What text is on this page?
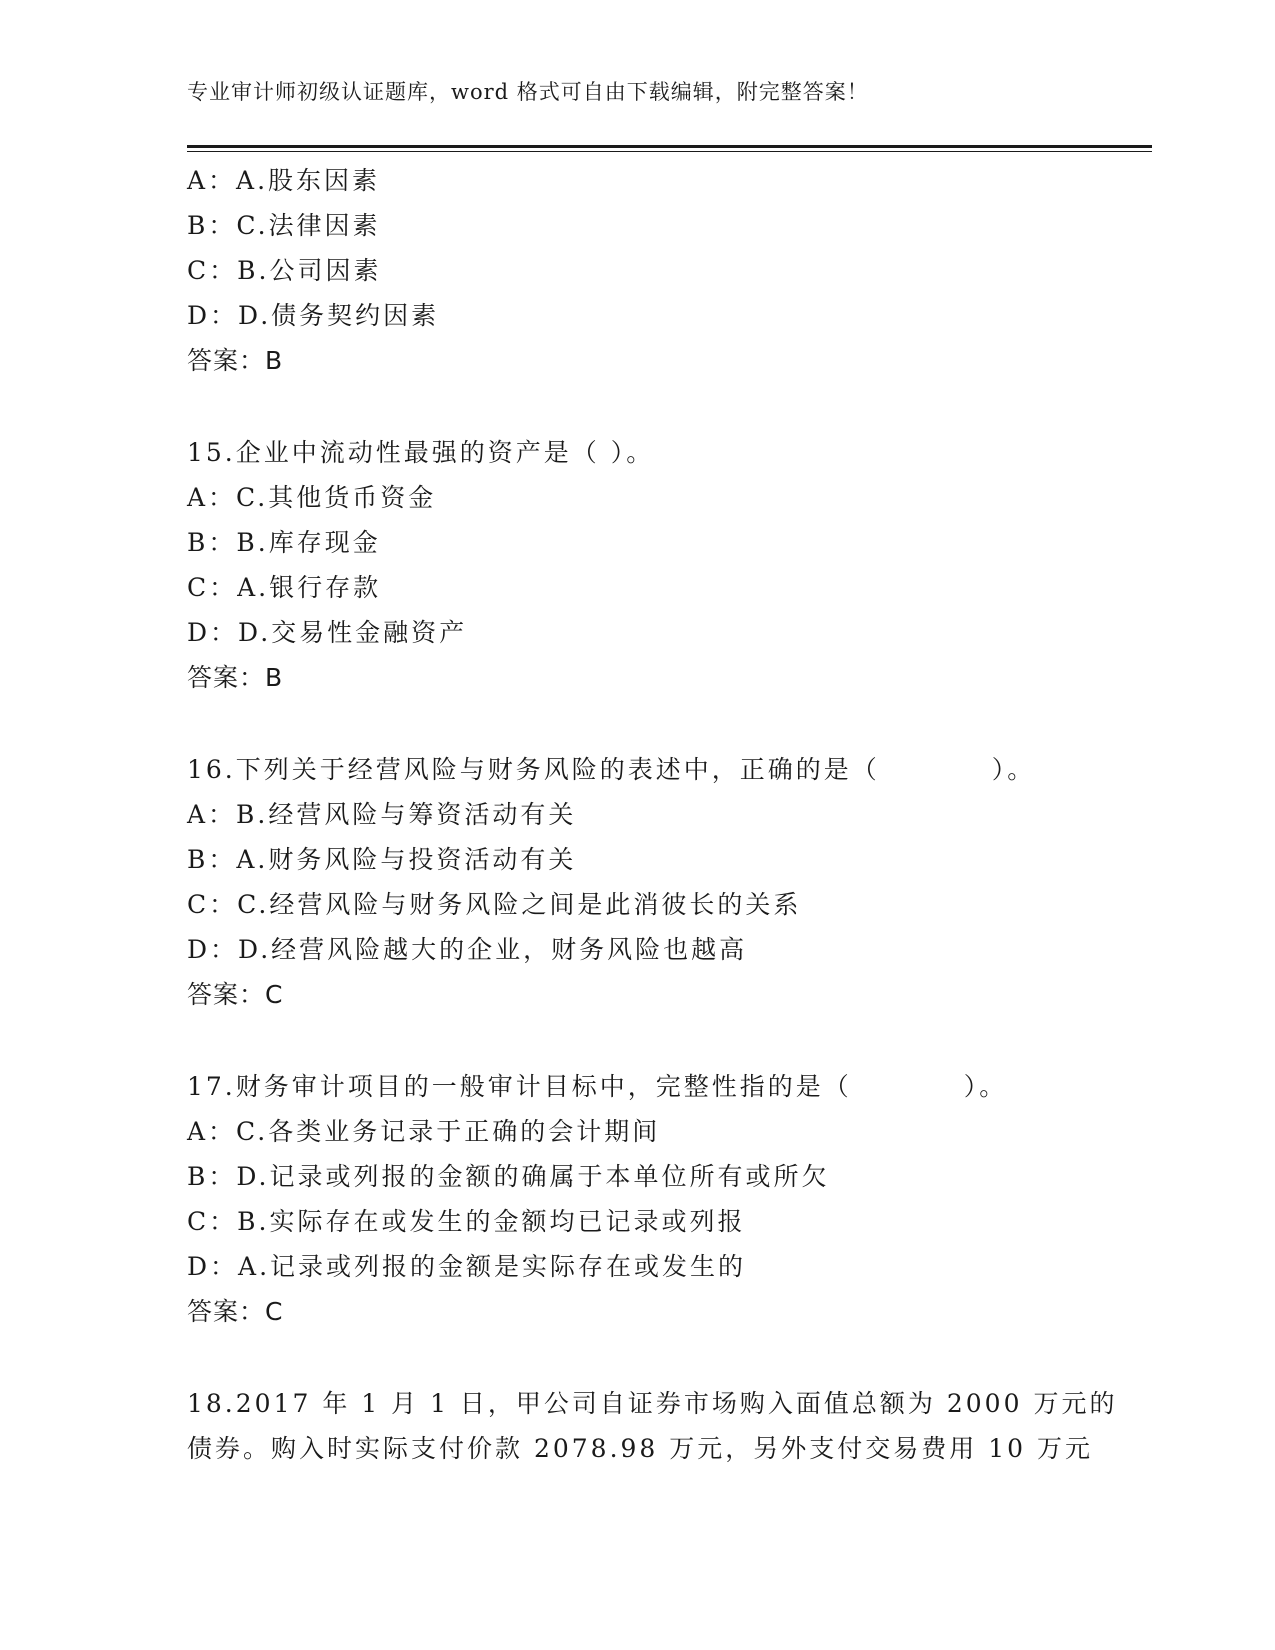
专业审计师初级认证题库，word 格式可自由下载编辑，附完整答案！
A：A.股东因素
B：C.法律因素
C：B.公司因素
D：D.债务契约因素
答案：B
15.企业中流动性最强的资产是（ ）。
A：C.其他货币资金
B：B.库存现金
C：A.银行存款
D：D.交易性金融资产
答案：B
16.下列关于经营风险与财务风险的表述中，正确的是（　　　　）。
A：B.经营风险与筹资活动有关
B：A.财务风险与投资活动有关
C：C.经营风险与财务风险之间是此消彼长的关系
D：D.经营风险越大的企业，财务风险也越高
答案：C
17.财务审计项目的一般审计目标中，完整性指的是（　　　　）。
A：C.各类业务记录于正确的会计期间
B：D.记录或列报的金额的确属于本单位所有或所欠
C：B.实际存在或发生的金额均已记录或列报
D：A.记录或列报的金额是实际存在或发生的
答案：C
18.2017 年 1 月 1 日，甲公司自证券市场购入面值总额为 2000 万元的
债券。购入时实际支付价款 2078.98 万元，另外支付交易费用 10 万元
